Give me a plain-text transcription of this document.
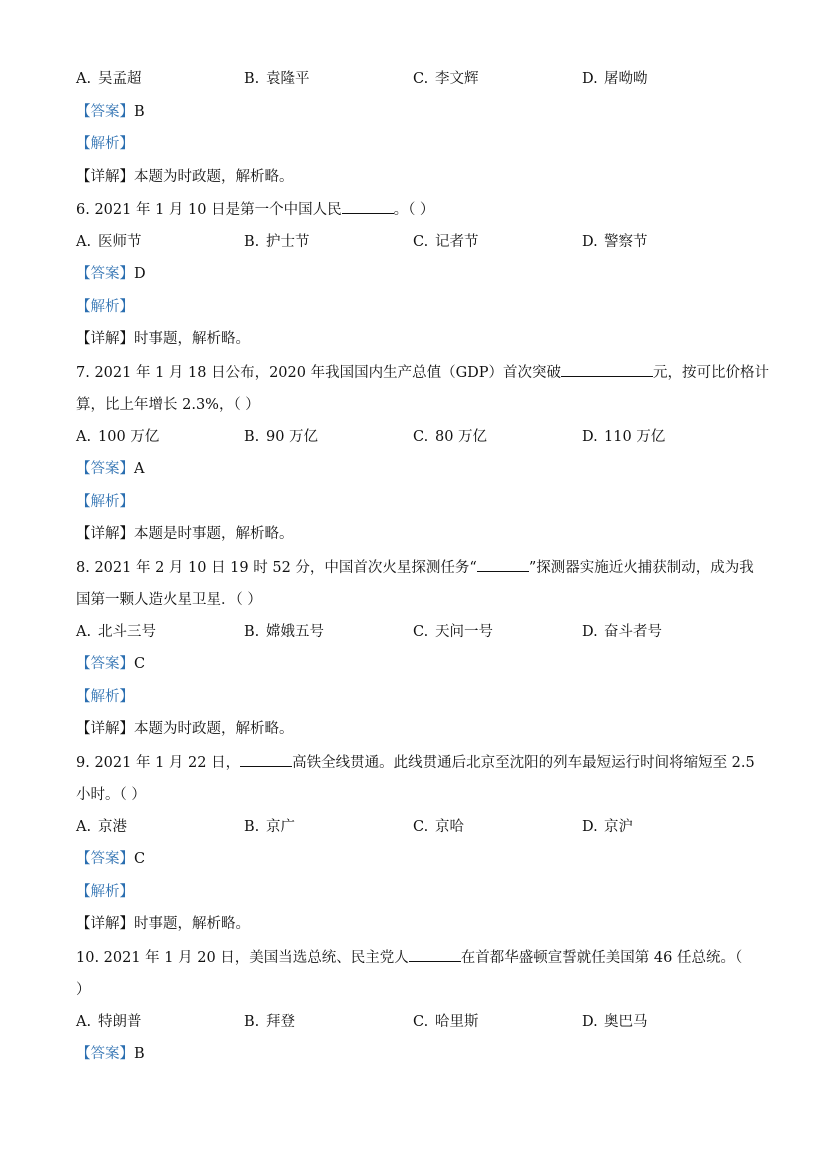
A. 吴孟超	B. 袁隆平	C. 李文辉	D. 屠呦呦
【答案】B
【解析】
【详解】本题为时政题，解析略。
6. 2021 年 1 月 10 日是第一个中国人民	。（ ）
A. 医师节	B. 护士节	C. 记者节	D. 警察节
【答案】D
【解析】
【详解】时事题，解析略。
7. 2021 年 1 月 18 日公布，2020 年我国国内生产总值（GDP）首次突破	元，按可比价格计
算，比上年增长 2.3%，（ ）
A. 100 万亿	B. 90 万亿	C. 80 万亿	D. 110 万亿
【答案】A
【解析】
【详解】本题是时事题，解析略。
8. 2021 年 2 月 10 日 19 时 52 分，中国首次火星探测任务“	”探测器实施近火捕获制动，成为我
国第一颗人造火星卫星．（ ）
A. 北斗三号	B. 嫦娥五号	C. 天问一号	D. 奋斗者号
【答案】C
【解析】
【详解】本题为时政题，解析略。
9. 2021 年 1 月 22 日，	高铁全线贯通。此线贯通后北京至沈阳的列车最短运行时间将缩短至 2.5
小时。（ ）
A. 京港	B. 京广	C. 京哈	D. 京沪
【答案】C
【解析】
【详解】时事题，解析略。
10. 2021 年 1 月 20 日，美国当选总统、民主党人	在首都华盛顿宣誓就任美国第 46 任总统。（
）
A. 特朗普	B. 拜登	C. 哈里斯	D. 奥巴马
【答案】B
